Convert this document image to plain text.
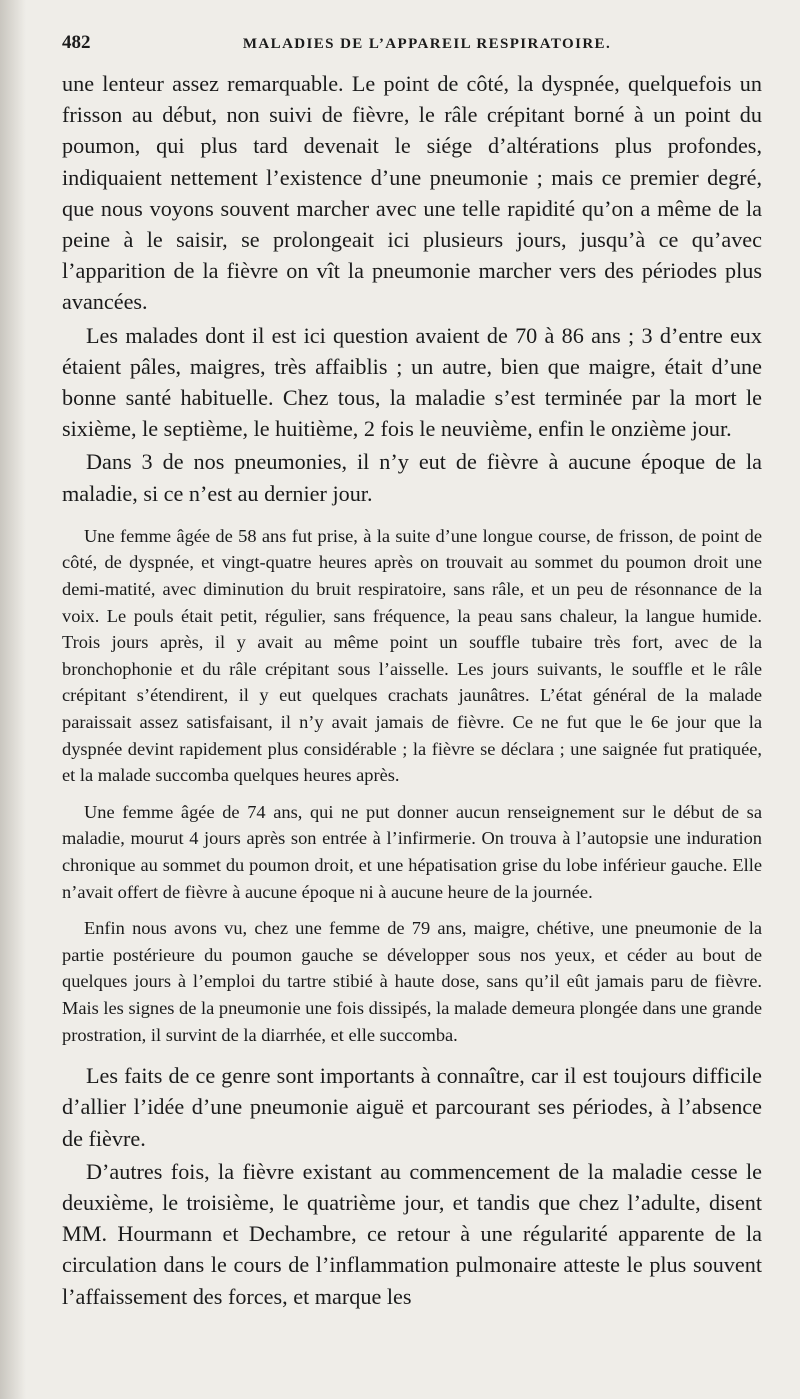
482	MALADIES DE L’APPAREIL RESPIRATOIRE.

une lenteur assez remarquable. Le point de côté, la dyspnée, quelquefois un frisson au début, non suivi de fièvre, le râle crépitant borné à un point du poumon, qui plus tard devenait le siége d’altérations plus profondes, indiquaient nettement l’existence d’une pneumonie ; mais ce premier degré, que nous voyons souvent marcher avec une telle rapidité qu’on a même de la peine à le saisir, se prolongeait ici plusieurs jours, jusqu’à ce qu’avec l’apparition de la fièvre on vît la pneumonie marcher vers des périodes plus avancées.

Les malades dont il est ici question avaient de 70 à 86 ans ; 3 d’entre eux étaient pâles, maigres, très affaiblis ; un autre, bien que maigre, était d’une bonne santé habituelle. Chez tous, la maladie s’est terminée par la mort le sixième, le septième, le huitième, 2 fois le neuvième, enfin le onzième jour.

Dans 3 de nos pneumonies, il n’y eut de fièvre à aucune époque de la maladie, si ce n’est au dernier jour.

Une femme âgée de 58 ans fut prise, à la suite d’une longue course, de frisson, de point de côté, de dyspnée, et vingt-quatre heures après on trouvait au sommet du poumon droit une demi-matité, avec diminution du bruit respiratoire, sans râle, et un peu de résonnance de la voix. Le pouls était petit, régulier, sans fréquence, la peau sans chaleur, la langue humide. Trois jours après, il y avait au même point un souffle tubaire très fort, avec de la bronchophonie et du râle crépitant sous l’aisselle. Les jours suivants, le souffle et le râle crépitant s’étendirent, il y eut quelques crachats jaunâtres. L’état général de la malade paraissait assez satisfaisant, il n’y avait jamais de fièvre. Ce ne fut que le 6e jour que la dyspnée devint rapidement plus considérable ; la fièvre se déclara ; une saignée fut pratiquée, et la malade succomba quelques heures après.

Une femme âgée de 74 ans, qui ne put donner aucun renseignement sur le début de sa maladie, mourut 4 jours après son entrée à l’infirmerie. On trouva à l’autopsie une induration chronique au sommet du poumon droit, et une hépatisation grise du lobe inférieur gauche. Elle n’avait offert de fièvre à aucune époque ni à aucune heure de la journée.

Enfin nous avons vu, chez une femme de 79 ans, maigre, chétive, une pneumonie de la partie postérieure du poumon gauche se développer sous nos yeux, et céder au bout de quelques jours à l’emploi du tartre stibié à haute dose, sans qu’il eût jamais paru de fièvre. Mais les signes de la pneumonie une fois dissipés, la malade demeura plongée dans une grande prostration, il survint de la diarrhée, et elle succomba.

Les faits de ce genre sont importants à connaître, car il est toujours difficile d’allier l’idée d’une pneumonie aiguë et parcourant ses périodes, à l’absence de fièvre.

D’autres fois, la fièvre existant au commencement de la maladie cesse le deuxième, le troisième, le quatrième jour, et tandis que chez l’adulte, disent MM. Hourmann et Dechambre, ce retour à une régularité apparente de la circulation dans le cours de l’inflammation pulmonaire atteste le plus souvent l’affaissement des forces, et marque les
